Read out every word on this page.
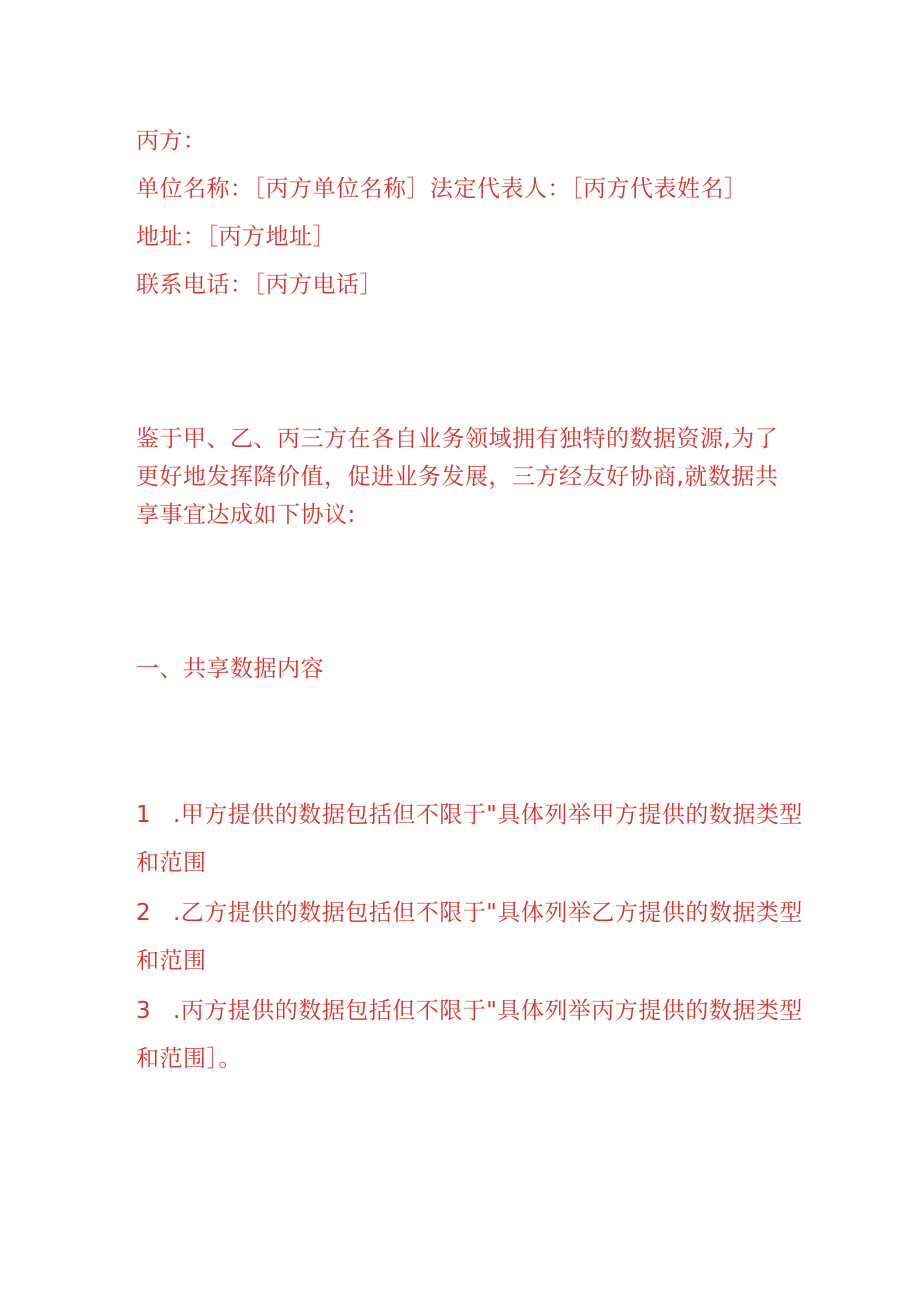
丙方：
单位名称：［丙方单位名称］法定代表人：［丙方代表姓名］
地址：［丙方地址］
联系电话：［丙方电话］
鉴于甲、乙、丙三方在各自业务领域拥有独特的数据资源,为了更好地发挥降价值，促进业务发展，三方经友好协商,就数据共享事宜达成如下协议:
一、共享数据内容
1 .甲方提供的数据包括但不限于"具体列举甲方提供的数据类型
和范围
2 .乙方提供的数据包括但不限于"具体列举乙方提供的数据类型
和范围
3 .丙方提供的数据包括但不限于"具体列举丙方提供的数据类型
和范围］。
